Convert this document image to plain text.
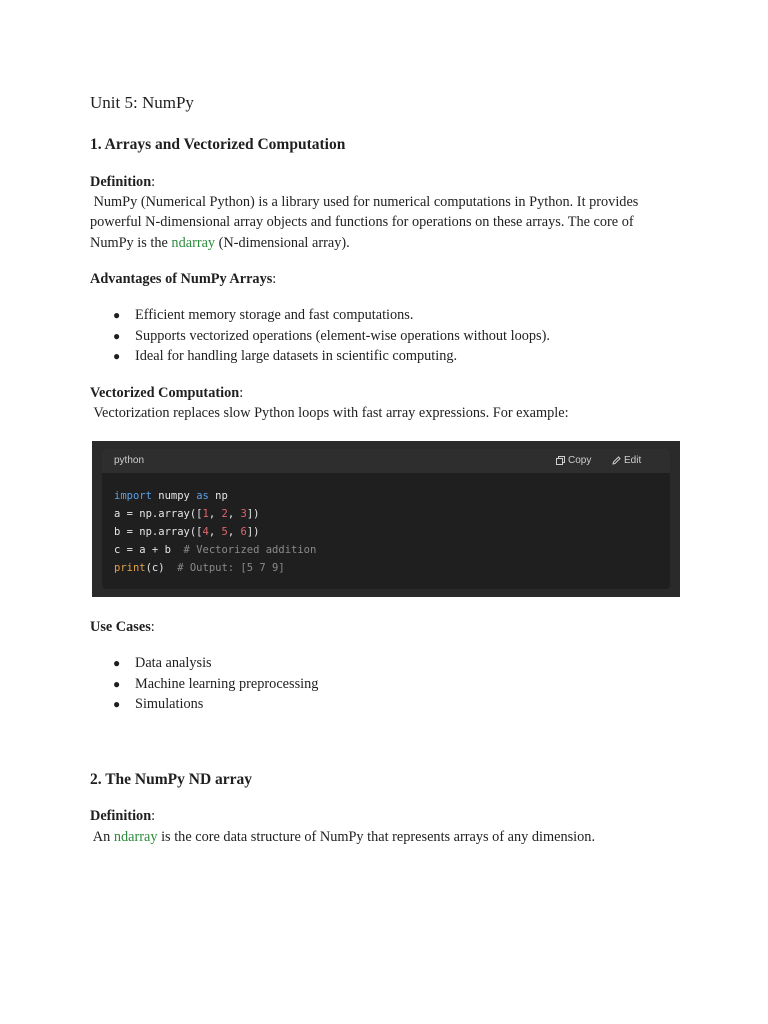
Unit 5: NumPy
1. Arrays and Vectorized Computation

Definition:

NumPy (Numerical Python) is a library used for numerical computations in Python. It provides

powerful N-dimensional array objects and functions for operations on these arrays. The core of

NumPy is the ndarray (N-dimensional array).

Advantages of NumPy Arrays:

● Efficient memory storage and fast computations.
● Supports vectorized operations (element-wise operations without loops).
● Ideal for handling large datasets in scientific computing.

Vectorized Computation:

Vectorization replaces slow Python loops with fast array expressions. For example:

Use Cases:

● Data analysis
● Machine learning preprocessing
● Simulations
2. The NumPy ND array

Definition:

An ndarray is the core data structure of NumPy that represents arrays of any dimension.

python	Copy	Edit
import numpy as np
a = np.array([1, 2, 3])
b = np.array([4, 5, 6])
c = a + b  # Vectorized addition
print(c)  # Output: [5 7 9]
